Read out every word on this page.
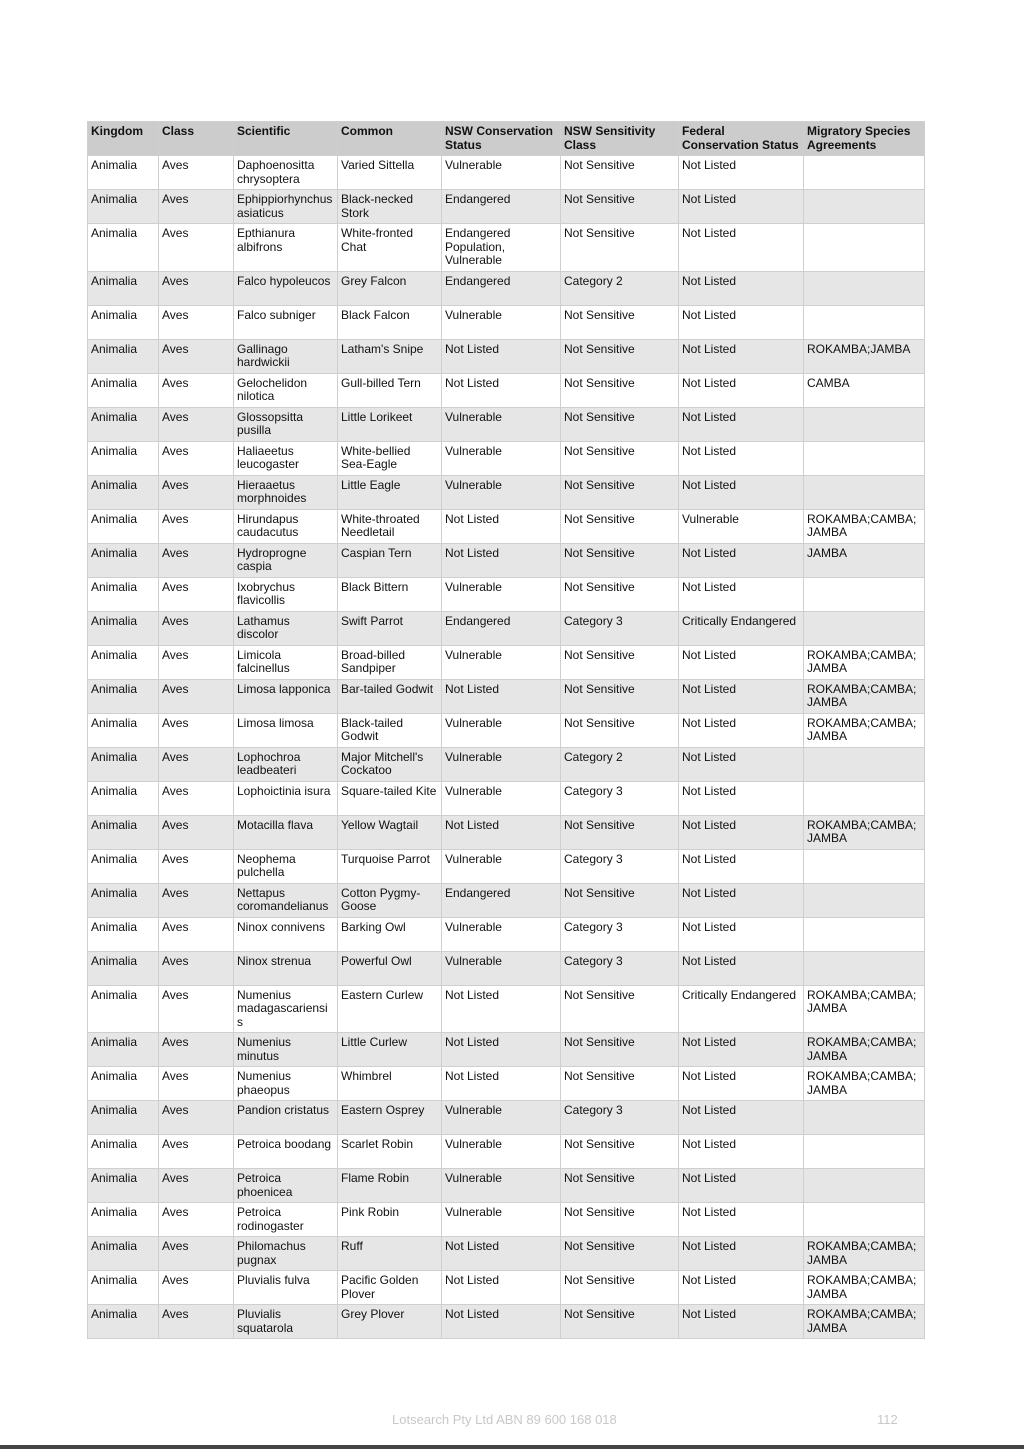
Kingdom	Class	Scientific	Common	NSW Conservation Status	NSW Sensitivity Class	Federal Conservation Status	Migratory Species Agreements
Animalia	Aves	Daphoenositta chrysoptera	Varied Sittella	Vulnerable	Not Sensitive	Not Listed	
Animalia	Aves	Ephippiorhynchus asiaticus	Black-necked Stork	Endangered	Not Sensitive	Not Listed	
Animalia	Aves	Epthianura albifrons	White-fronted Chat	Endangered Population, Vulnerable	Not Sensitive	Not Listed	
Animalia	Aves	Falco hypoleucos	Grey Falcon	Endangered	Category 2	Not Listed	
Animalia	Aves	Falco subniger	Black Falcon	Vulnerable	Not Sensitive	Not Listed	
Animalia	Aves	Gallinago hardwickii	Latham's Snipe	Not Listed	Not Sensitive	Not Listed	ROKAMBA;JAMBA
Animalia	Aves	Gelochelidon nilotica	Gull-billed Tern	Not Listed	Not Sensitive	Not Listed	CAMBA
Animalia	Aves	Glossopsitta pusilla	Little Lorikeet	Vulnerable	Not Sensitive	Not Listed	
Animalia	Aves	Haliaeetus leucogaster	White-bellied Sea-Eagle	Vulnerable	Not Sensitive	Not Listed	
Animalia	Aves	Hieraaetus morphnoides	Little Eagle	Vulnerable	Not Sensitive	Not Listed	
Animalia	Aves	Hirundapus caudacutus	White-throated Needletail	Not Listed	Not Sensitive	Vulnerable	ROKAMBA;CAMBA; JAMBA
Animalia	Aves	Hydroprogne caspia	Caspian Tern	Not Listed	Not Sensitive	Not Listed	JAMBA
Animalia	Aves	Ixobrychus flavicollis	Black Bittern	Vulnerable	Not Sensitive	Not Listed	
Animalia	Aves	Lathamus discolor	Swift Parrot	Endangered	Category 3	Critically Endangered	
Animalia	Aves	Limicola falcinellus	Broad-billed Sandpiper	Vulnerable	Not Sensitive	Not Listed	ROKAMBA;CAMBA; JAMBA
Animalia	Aves	Limosa lapponica	Bar-tailed Godwit	Not Listed	Not Sensitive	Not Listed	ROKAMBA;CAMBA; JAMBA
Animalia	Aves	Limosa limosa	Black-tailed Godwit	Vulnerable	Not Sensitive	Not Listed	ROKAMBA;CAMBA; JAMBA
Animalia	Aves	Lophochroa leadbeateri	Major Mitchell's Cockatoo	Vulnerable	Category 2	Not Listed	
Animalia	Aves	Lophoictinia isura	Square-tailed Kite	Vulnerable	Category 3	Not Listed	
Animalia	Aves	Motacilla flava	Yellow Wagtail	Not Listed	Not Sensitive	Not Listed	ROKAMBA;CAMBA; JAMBA
Animalia	Aves	Neophema pulchella	Turquoise Parrot	Vulnerable	Category 3	Not Listed	
Animalia	Aves	Nettapus coromandelianus	Cotton Pygmy-Goose	Endangered	Not Sensitive	Not Listed	
Animalia	Aves	Ninox connivens	Barking Owl	Vulnerable	Category 3	Not Listed	
Animalia	Aves	Ninox strenua	Powerful Owl	Vulnerable	Category 3	Not Listed	
Animalia	Aves	Numenius madagascariensi s	Eastern Curlew	Not Listed	Not Sensitive	Critically Endangered	ROKAMBA;CAMBA; JAMBA
Animalia	Aves	Numenius minutus	Little Curlew	Not Listed	Not Sensitive	Not Listed	ROKAMBA;CAMBA; JAMBA
Animalia	Aves	Numenius phaeopus	Whimbrel	Not Listed	Not Sensitive	Not Listed	ROKAMBA;CAMBA; JAMBA
Animalia	Aves	Pandion cristatus	Eastern Osprey	Vulnerable	Category 3	Not Listed	
Animalia	Aves	Petroica boodang	Scarlet Robin	Vulnerable	Not Sensitive	Not Listed	
Animalia	Aves	Petroica phoenicea	Flame Robin	Vulnerable	Not Sensitive	Not Listed	
Animalia	Aves	Petroica rodinogaster	Pink Robin	Vulnerable	Not Sensitive	Not Listed	
Animalia	Aves	Philomachus pugnax	Ruff	Not Listed	Not Sensitive	Not Listed	ROKAMBA;CAMBA; JAMBA
Animalia	Aves	Pluvialis fulva	Pacific Golden Plover	Not Listed	Not Sensitive	Not Listed	ROKAMBA;CAMBA; JAMBA
Animalia	Aves	Pluvialis squatarola	Grey Plover	Not Listed	Not Sensitive	Not Listed	ROKAMBA;CAMBA; JAMBA
Lotsearch Pty Ltd ABN 89 600 168 018	112
